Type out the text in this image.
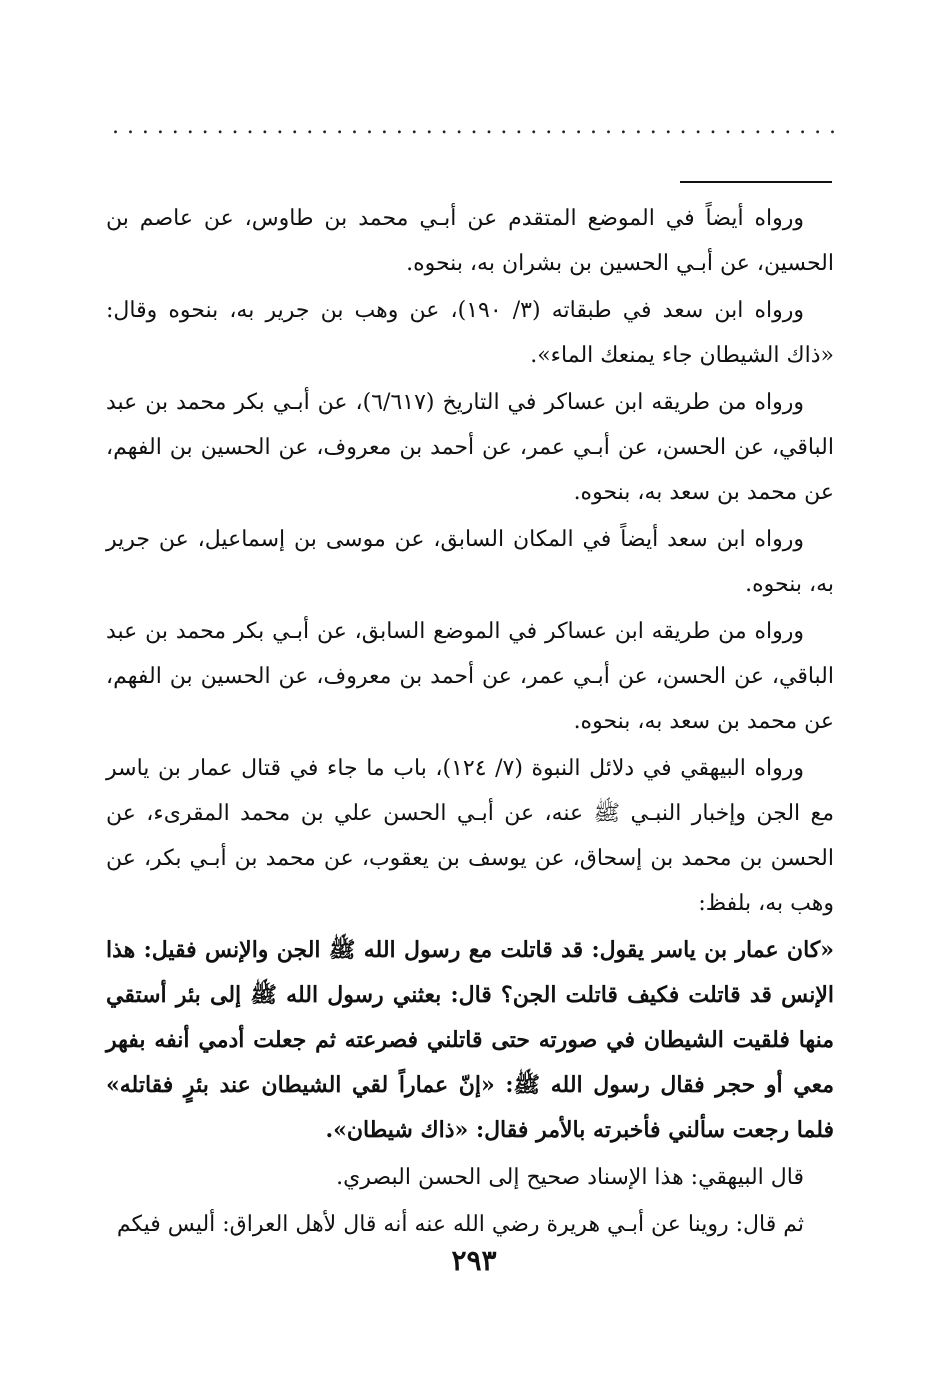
. . . . . . . . . . . . . . . . . . . . . . . . . . . . . . . . . . . . . . . . . . . . . . . . .

ورواه أيضاً في الموضع المتقدم عن أبـي محمد بن طاوس، عن عاصم بن الحسين، عن أبـي الحسين بن بشران به، بنحوه.

ورواه ابن سعد في طبقاته (٣/ ١٩٠)، عن وهب بن جرير به، بنحوه وقال: «ذاك الشيطان جاء يمنعك الماء».

ورواه من طريقه ابن عساكر في التاريخ (٦/٦١٧)، عن أبـي بكر محمد بن عبد الباقي، عن الحسن، عن أبـي عمر، عن أحمد بن معروف، عن الحسين بن الفهم، عن محمد بن سعد به، بنحوه.

ورواه ابن سعد أيضاً في المكان السابق، عن موسى بن إسماعيل، عن جرير به، بنحوه.

ورواه من طريقه ابن عساكر في الموضع السابق، عن أبـي بكر محمد بن عبد الباقي، عن الحسن، عن أبـي عمر، عن أحمد بن معروف، عن الحسين بن الفهم، عن محمد بن سعد به، بنحوه.

ورواه البيهقي في دلائل النبوة (٧/ ١٢٤)، باب ما جاء في قتال عمار بن ياسر مع الجن وإخبار النبـي ﷺ عنه، عن أبـي الحسن علي بن محمد المقرىء، عن الحسن بن محمد بن إسحاق، عن يوسف بن يعقوب، عن محمد بن أبـي بكر، عن وهب به، بلفظ:

«كان عمار بن ياسر يقول: قد قاتلت مع رسول الله ﷺ الجن والإنس فقيل: هذا الإنس قد قاتلت فكيف قاتلت الجن؟ قال: بعثني رسول الله ﷺ إلى بئر أستقي منها فلقيت الشيطان في صورته حتى قاتلني فصرعته ثم جعلت أدمي أنفه بفهر معي أو حجر فقال رسول الله ﷺ: «إنّ عماراً لقي الشيطان عند بئرٍ فقاتله» فلما رجعت سألني فأخبرته بالأمر فقال: «ذاك شيطان».

قال البيهقي: هذا الإسناد صحيح إلى الحسن البصري.

ثم قال: روينا عن أبـي هريرة رضي الله عنه أنه قال لأهل العراق: أليس فيكم

٢٩٣
